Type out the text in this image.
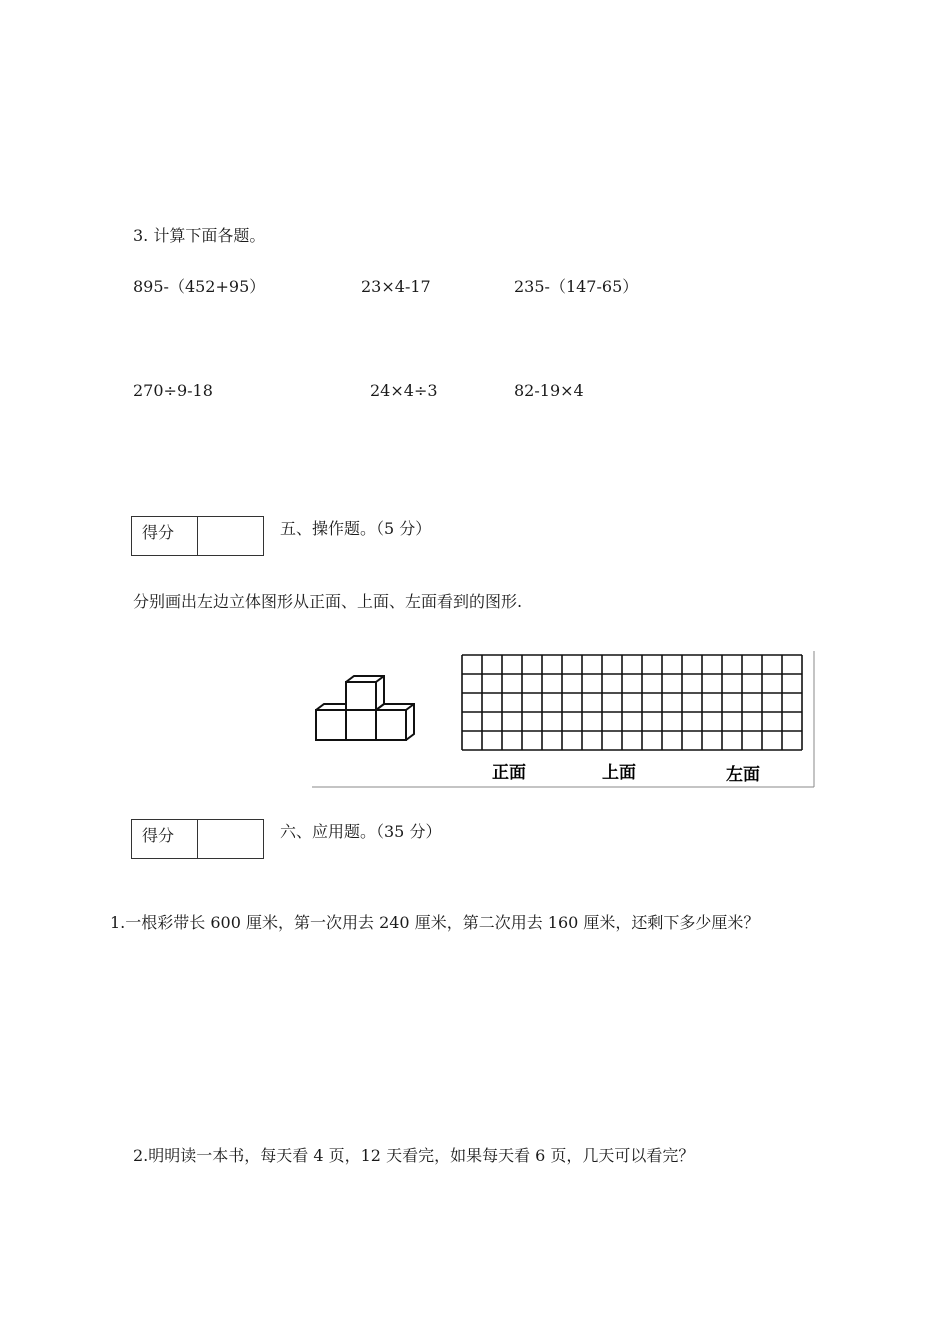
3. 计算下面各题。
895-（452+95）	23×4-17	235-（147-65）
270÷9-18	24×4÷3	82-19×4
得分	五、操作题。（5 分）
分别画出左边立体图形从正面、上面、左面看到的图形.
正面	上面	左面
得分	六、应用题。（35 分）
1.一根彩带长 600 厘米，第一次用去 240 厘米，第二次用去 160 厘米，还剩下多少厘米？
2.明明读一本书，每天看 4 页，12 天看完，如果每天看 6 页，几天可以看完？
